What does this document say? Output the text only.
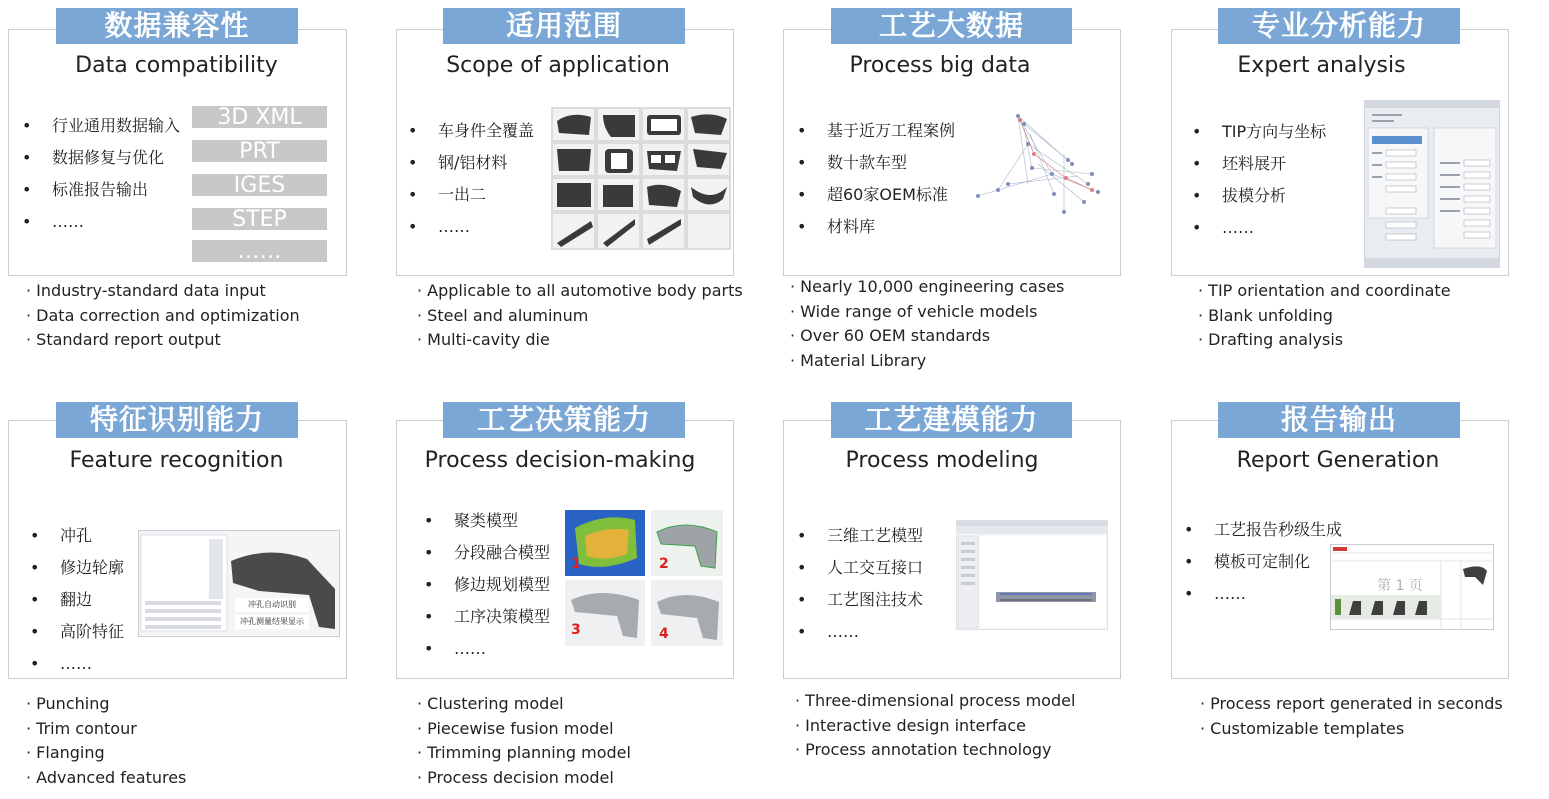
数据兼容性
Data compatibility
• 行业通用数据输入
• 数据修复与优化
• 标准报告输出
• ……
3D XML
PRT
IGES
STEP
……
· Industry-standard data input
· Data correction and optimization
· Standard report output
适用范围
Scope of application
• 车身件全覆盖
• 钢/铝材料
• 一出二
• ……
· Applicable to all automotive body parts
· Steel and aluminum
· Multi-cavity die
工艺大数据
Process big data
• 基于近万工程案例
• 数十款车型
• 超60家OEM标准
• 材料库
· Nearly 10,000 engineering cases
· Wide range of vehicle models
· Over 60 OEM standards
· Material Library
专业分析能力
Expert analysis
• TIP方向与坐标
• 坯料展开
• 拔模分析
• ……
· TIP orientation and coordinate
· Blank unfolding
· Drafting analysis
特征识别能力
Feature recognition
• 冲孔
• 修边轮廓
• 翻边
• 高阶特征
• ……
冲孔自动识别
冲孔测量结果显示
· Punching
· Trim contour
· Flanging
· Advanced features
工艺决策能力
Process decision-making
• 聚类模型
• 分段融合模型
• 修边规划模型
• 工序决策模型
• ……
1	2
3	4
· Clustering model
· Piecewise fusion model
· Trimming planning model
· Process decision model
工艺建模能力
Process modeling
• 三维工艺模型
• 人工交互接口
• 工艺图注技术
• ……
· Three-dimensional process model
· Interactive design interface
· Process annotation technology
报告输出
Report Generation
• 工艺报告秒级生成
• 模板可定制化
• ……	第 1 页
· Process report generated in seconds
· Customizable templates
